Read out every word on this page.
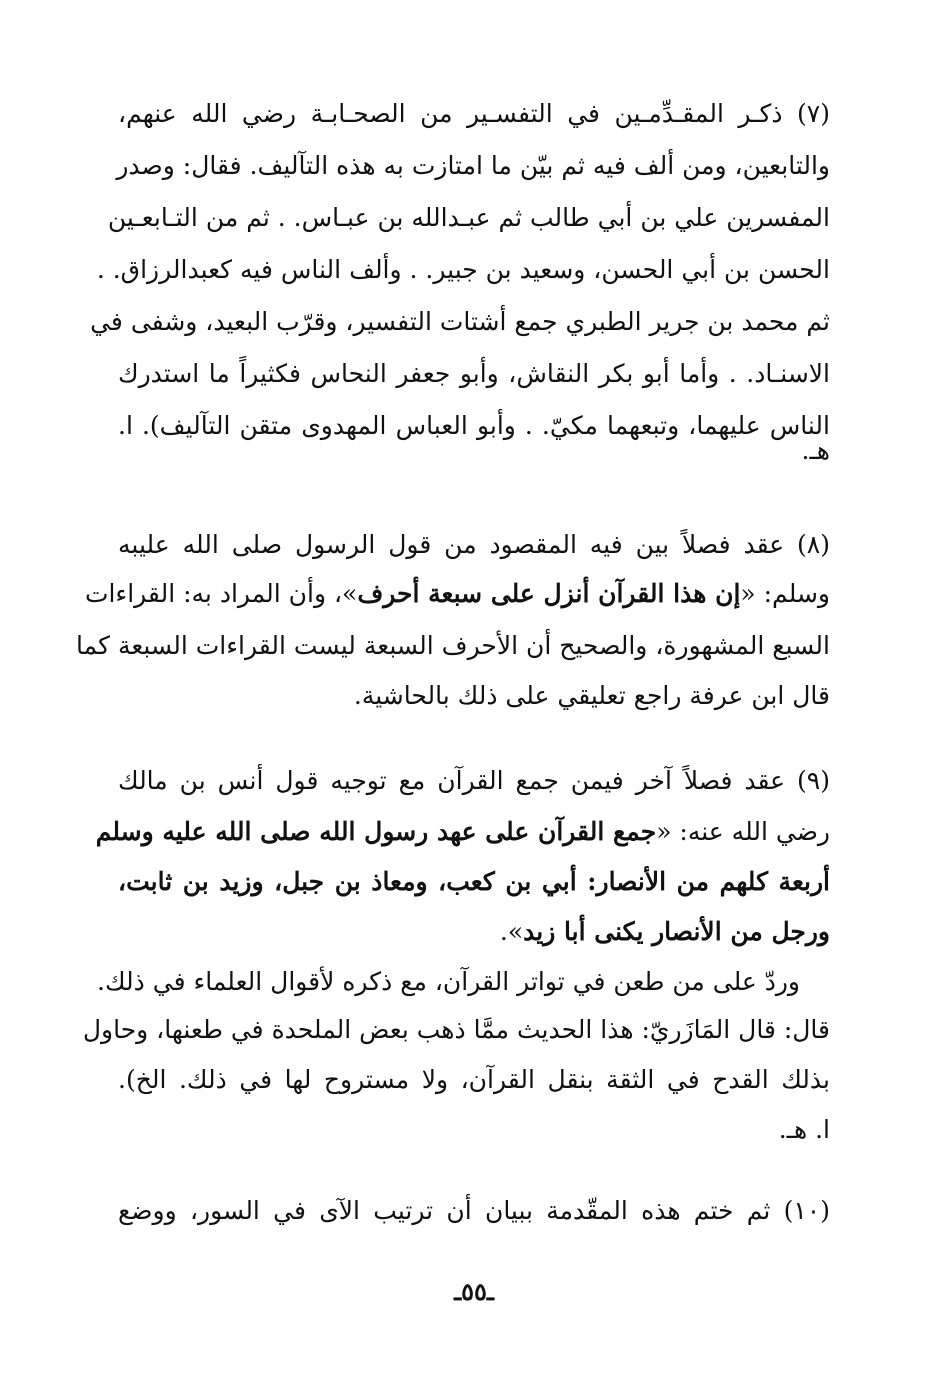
(٧) ذكـر المقـدِّمـين في التفسـير من الصحـابـة رضي الله عنهم،
والتابعين، ومن ألف فيه ثم بيّن ما امتازت به هذه التآليف. فقال: وصدر
المفسرين علي بن أبي طالب ثم عبـدالله بن عبـاس. . ثم من التـابعـين
الحسن بن أبي الحسن، وسعيد بن جبير. . وألف الناس فيه كعبدالرزاق. .
ثم محمد بن جرير الطبري جمع أشتات التفسير، وقرّب البعيد، وشفى في
الاسنـاد. . وأما أبو بكر النقاش، وأبو جعفر النحاس فكثيراً ما استدرك
الناس عليهما، وتبعهما مكيّ. . وأبو العباس المهدوى متقن التآليف). ا.
هـ.
(٨) عقد فصلاً بين فيه المقصود من قول الرسول صلى الله عليبه
وسلم: «إن هذا القرآن أنزل على سبعة أحرف»، وأن المراد به: القراءات
السبع المشهورة، والصحيح أن الأحرف السبعة ليست القراءات السبعة كما
قال ابن عرفة راجع تعليقي على ذلك بالحاشية.
(٩) عقد فصلاً آخر فيمن جمع القرآن مع توجيه قول أنس بن مالك
رضي الله عنه: «جمع القرآن على عهد رسول الله صلى الله عليه وسلم
أربعة كلهم من الأنصار: أبي بن كعب، ومعاذ بن جبل، وزيد بن ثابت،
ورجل من الأنصار يكنى أبا زيد».
وردّ على من طعن في تواتر القرآن، مع ذكره لأقوال العلماء في ذلك.
قال: قال المَازَريّ: هذا الحديث ممَّا ذهب بعض الملحدة في طعنها، وحاول
بذلك القدح في الثقة بنقل القرآن، ولا مستروح لها في ذلك. الخ).
ا. هـ.
(١٠) ثم ختم هذه المقّدمة ببيان أن ترتيب الآى في السور، ووضع
ـ٥٥ـ
